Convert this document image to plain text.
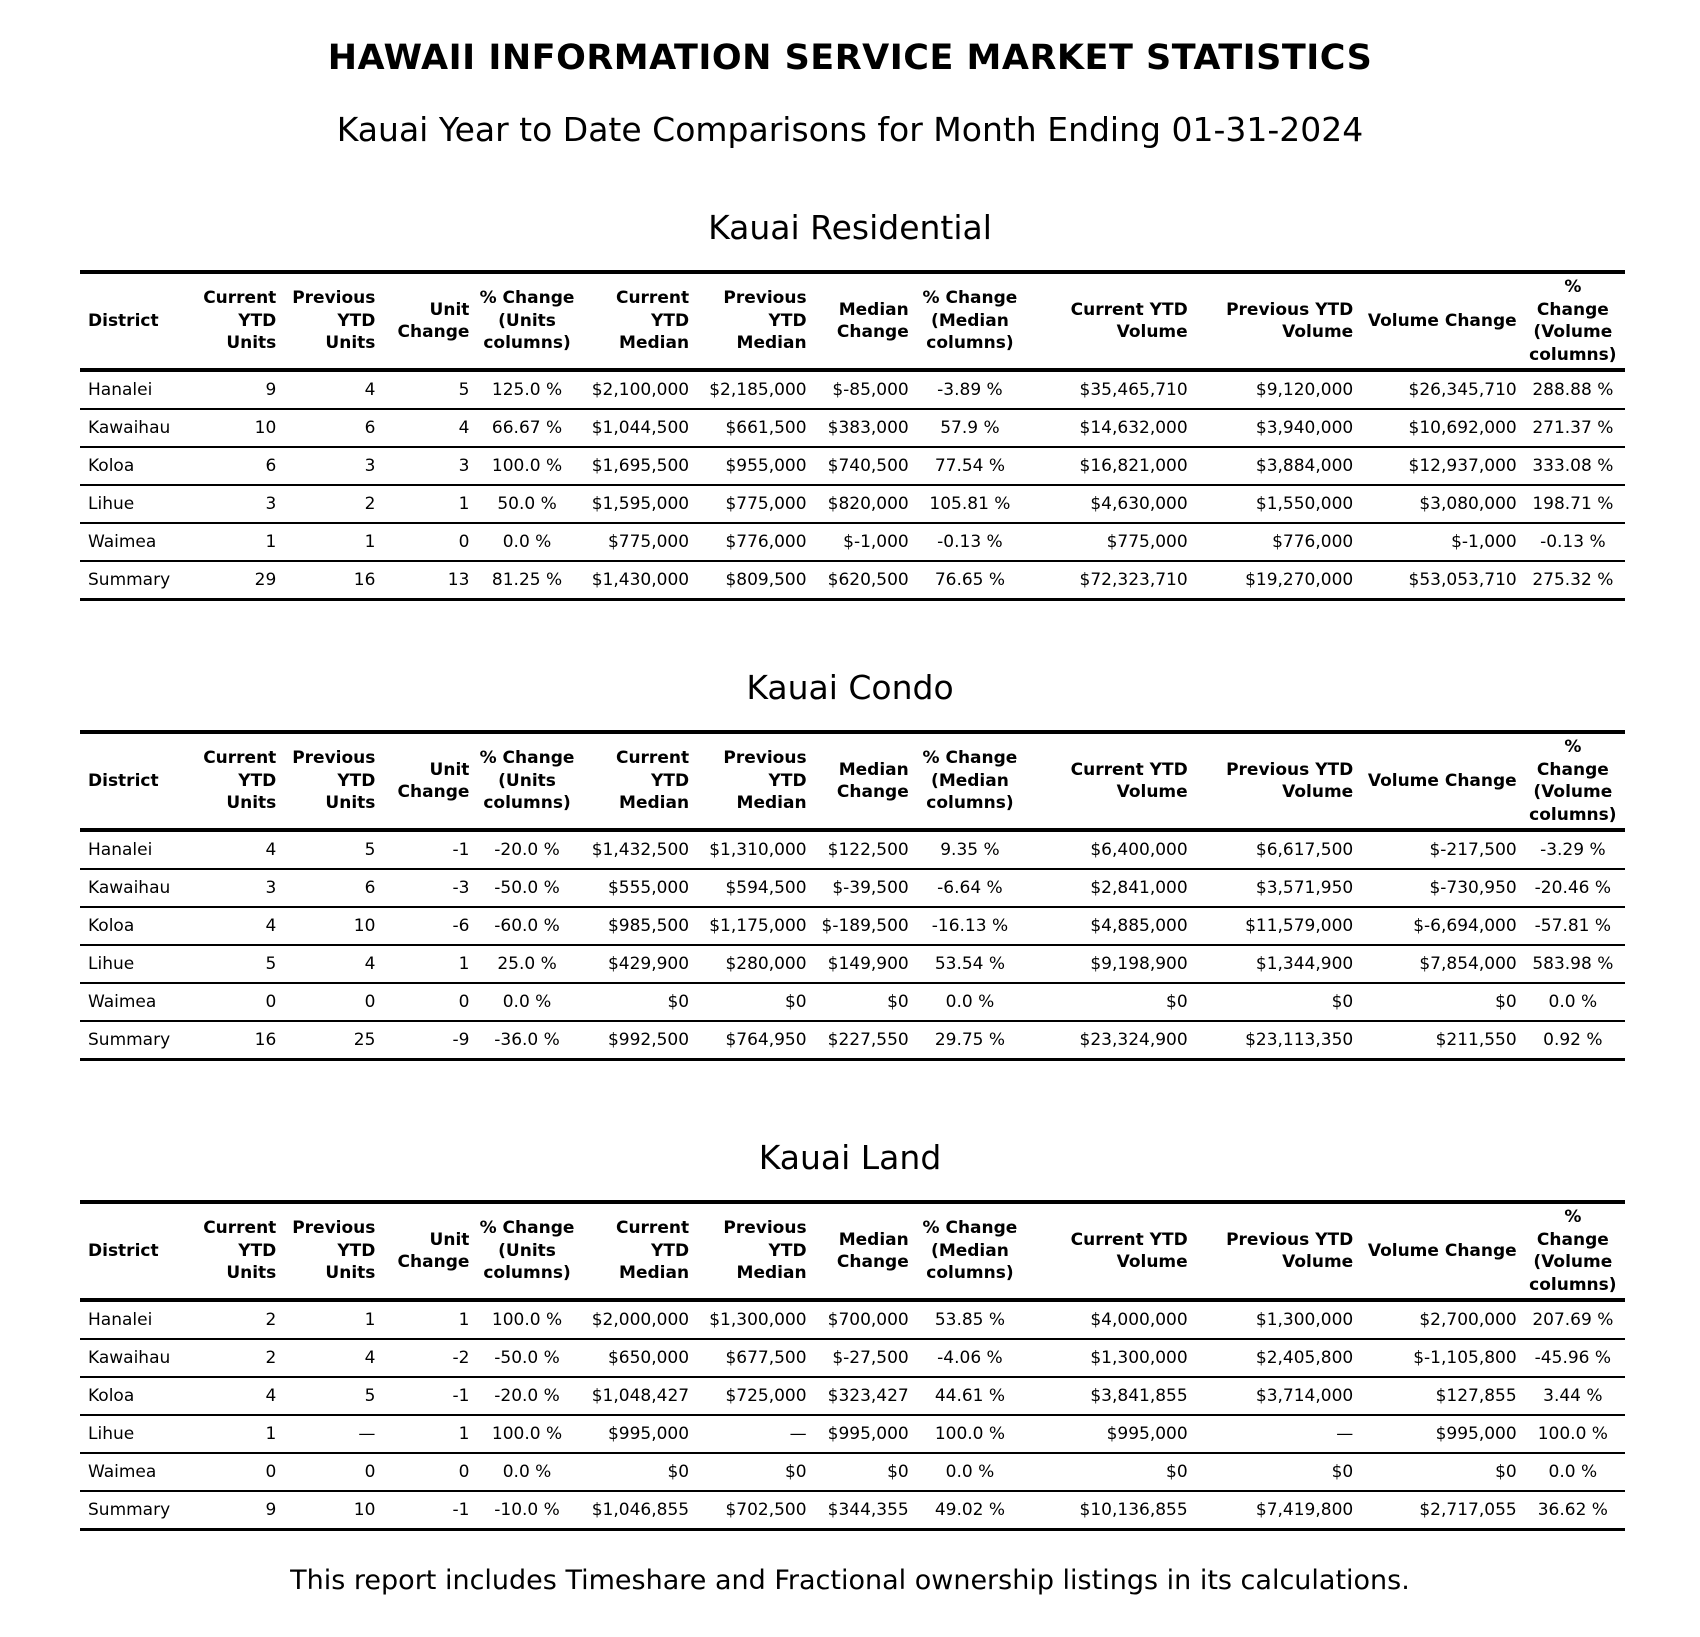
HAWAII INFORMATION SERVICE MARKET STATISTICS
Kauai Year to Date Comparisons for Month Ending 01-31-2024
Kauai Residential
District	Current YTD Units	Previous YTD Units	Unit Change	% Change (Units columns)	Current YTD Median	Previous YTD Median	Median Change	% Change (Median columns)	Current YTD Volume	Previous YTD Volume	Volume Change	% Change (Volume columns)
Hanalei	9	4	5	125.0 %	$2,100,000	$2,185,000	$-85,000	-3.89 %	$35,465,710	$9,120,000	$26,345,710	288.88 %
Kawaihau	10	6	4	66.67 %	$1,044,500	$661,500	$383,000	57.9 %	$14,632,000	$3,940,000	$10,692,000	271.37 %
Koloa	6	3	3	100.0 %	$1,695,500	$955,000	$740,500	77.54 %	$16,821,000	$3,884,000	$12,937,000	333.08 %
Lihue	3	2	1	50.0 %	$1,595,000	$775,000	$820,000	105.81 %	$4,630,000	$1,550,000	$3,080,000	198.71 %
Waimea	1	1	0	0.0 %	$775,000	$776,000	$-1,000	-0.13 %	$775,000	$776,000	$-1,000	-0.13 %
Summary	29	16	13	81.25 %	$1,430,000	$809,500	$620,500	76.65 %	$72,323,710	$19,270,000	$53,053,710	275.32 %
Kauai Condo
District	Current YTD Units	Previous YTD Units	Unit Change	% Change (Units columns)	Current YTD Median	Previous YTD Median	Median Change	% Change (Median columns)	Current YTD Volume	Previous YTD Volume	Volume Change	% Change (Volume columns)
Hanalei	4	5	-1	-20.0 %	$1,432,500	$1,310,000	$122,500	9.35 %	$6,400,000	$6,617,500	$-217,500	-3.29 %
Kawaihau	3	6	-3	-50.0 %	$555,000	$594,500	$-39,500	-6.64 %	$2,841,000	$3,571,950	$-730,950	-20.46 %
Koloa	4	10	-6	-60.0 %	$985,500	$1,175,000	$-189,500	-16.13 %	$4,885,000	$11,579,000	$-6,694,000	-57.81 %
Lihue	5	4	1	25.0 %	$429,900	$280,000	$149,900	53.54 %	$9,198,900	$1,344,900	$7,854,000	583.98 %
Waimea	0	0	0	0.0 %	$0	$0	$0	0.0 %	$0	$0	$0	0.0 %
Summary	16	25	-9	-36.0 %	$992,500	$764,950	$227,550	29.75 %	$23,324,900	$23,113,350	$211,550	0.92 %
Kauai Land
District	Current YTD Units	Previous YTD Units	Unit Change	% Change (Units columns)	Current YTD Median	Previous YTD Median	Median Change	% Change (Median columns)	Current YTD Volume	Previous YTD Volume	Volume Change	% Change (Volume columns)
Hanalei	2	1	1	100.0 %	$2,000,000	$1,300,000	$700,000	53.85 %	$4,000,000	$1,300,000	$2,700,000	207.69 %
Kawaihau	2	4	-2	-50.0 %	$650,000	$677,500	$-27,500	-4.06 %	$1,300,000	$2,405,800	$-1,105,800	-45.96 %
Koloa	4	5	-1	-20.0 %	$1,048,427	$725,000	$323,427	44.61 %	$3,841,855	$3,714,000	$127,855	3.44 %
Lihue	1	—	1	100.0 %	$995,000	—	$995,000	100.0 %	$995,000	—	$995,000	100.0 %
Waimea	0	0	0	0.0 %	$0	$0	$0	0.0 %	$0	$0	$0	0.0 %
Summary	9	10	-1	-10.0 %	$1,046,855	$702,500	$344,355	49.02 %	$10,136,855	$7,419,800	$2,717,055	36.62 %
This report includes Timeshare and Fractional ownership listings in its calculations.
